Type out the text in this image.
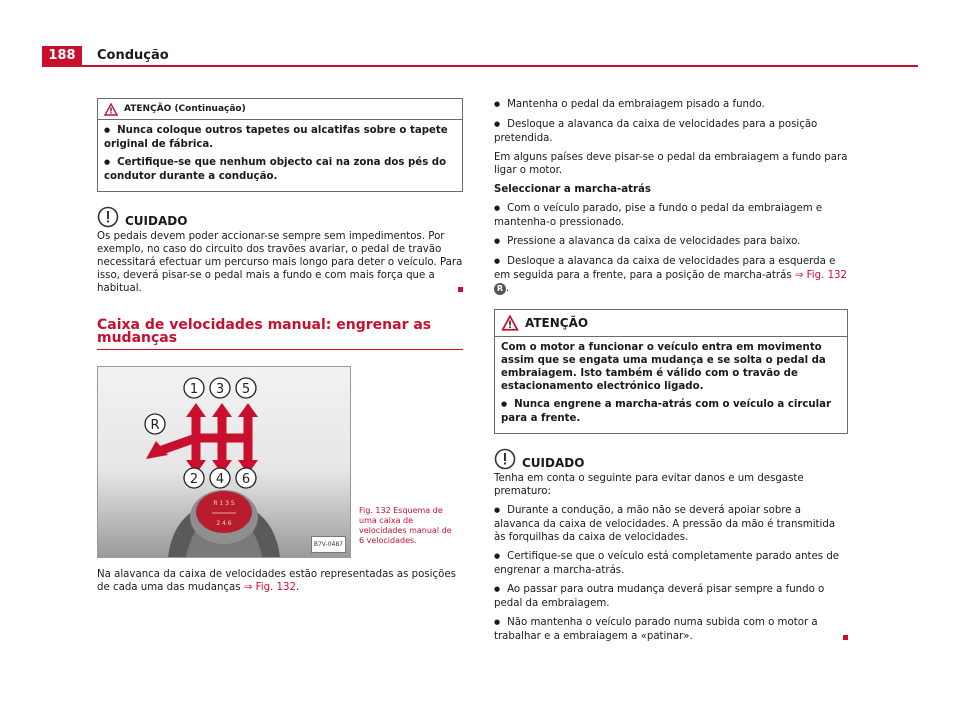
188	Condução
ATENÇÃO (Continuação)

● Nunca coloque outros tapetes ou alcatifas sobre o tapete original de fábrica.

● Certifique-se que nenhum objecto cai na zona dos pés do condutor durante a condução.

CUIDADO

Os pedais devem poder accionar-se sempre sem impedimentos. Por exemplo, no caso do circuito dos travões avariar, o pedal de travão necessitará efectuar um percurso mais longo para deter o veículo. Para isso, deverá pisar-se o pedal mais a fundo e com mais força que a habitual.

Caixa de velocidades manual: engrenar as mudanças
1 3 5
R
2 4 6
R 1 3 5
2 4 6
B7V-0487
Fig. 132 Esquema de uma caixa de velocidades manual de 6 velocidades.

Na alavanca da caixa de velocidades estão representadas as posições de cada uma das mudanças ⇒ Fig. 132.

● Mantenha o pedal da embraiagem pisado a fundo.

● Desloque a alavanca da caixa de velocidades para a posição pretendida.

Em alguns países deve pisar-se o pedal da embraiagem a fundo para ligar o motor.

Seleccionar a marcha-atrás

● Com o veículo parado, pise a fundo o pedal da embraiagem e mantenha-o pressionado.

● Pressione a alavanca da caixa de velocidades para baixo.

● Desloque a alavanca da caixa de velocidades para a esquerda e em seguida para a frente, para a posição de marcha-atrás ⇒ Fig. 132 R .

ATENÇÃO

Com o motor a funcionar o veículo entra em movimento assim que se engata uma mudança e se solta o pedal da embraiagem. Isto também é válido com o travão de estacionamento electrónico ligado.

● Nunca engrene a marcha-atrás com o veículo a circular para a frente.

CUIDADO

Tenha em conta o seguinte para evitar danos e um desgaste prematuro:

● Durante a condução, a mão não se deverá apoiar sobre a alavanca da caixa de velocidades. A pressão da mão é transmitida às forquilhas da caixa de velocidades.

● Certifique-se que o veículo está completamente parado antes de engrenar a marcha-atrás.

● Ao passar para outra mudança deverá pisar sempre a fundo o pedal da embraiagem.

● Não mantenha o veículo parado numa subida com o motor a trabalhar e a embraiagem a «patinar».
